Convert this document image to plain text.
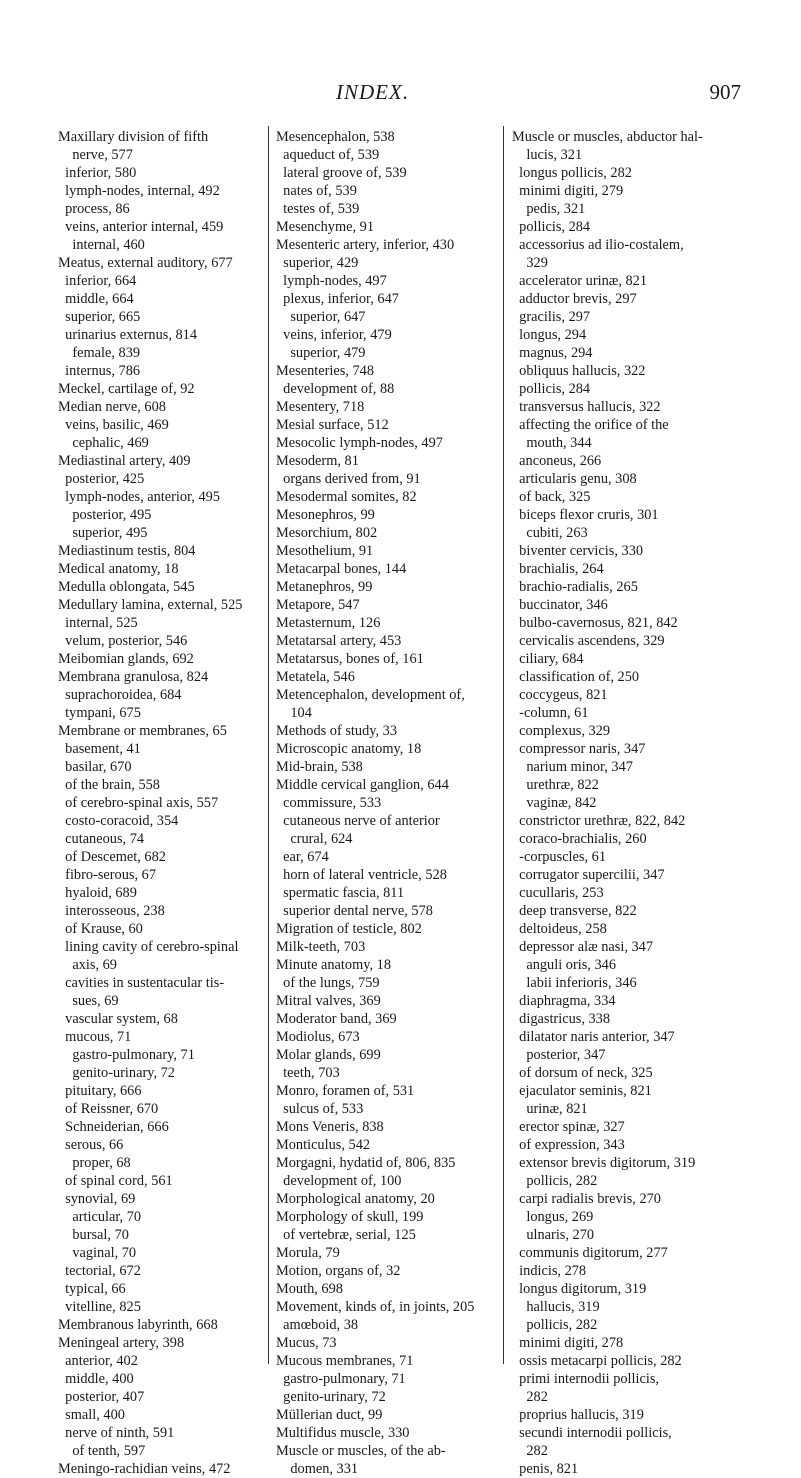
INDEX.	907
Maxillary division of fifth
nerve, 577
inferior, 580
lymph-nodes, internal, 492
process, 86
veins, anterior internal, 459
internal, 460
Meatus, external auditory, 677
inferior, 664
middle, 664
superior, 665
urinarius externus, 814
female, 839
internus, 786
Meckel, cartilage of, 92
Median nerve, 608
veins, basilic, 469
cephalic, 469
Mediastinal artery, 409
posterior, 425
lymph-nodes, anterior, 495
posterior, 495
superior, 495
Mediastinum testis, 804
Medical anatomy, 18
Medulla oblongata, 545
Medullary lamina, external, 525
internal, 525
velum, posterior, 546
Meibomian glands, 692
Membrana granulosa, 824
suprachoroidea, 684
tympani, 675
Membrane or membranes, 65
basement, 41
basilar, 670
of the brain, 558
of cerebro-spinal axis, 557
costo-coracoid, 354
cutaneous, 74
of Descemet, 682
fibro-serous, 67
hyaloid, 689
interosseous, 238
of Krause, 60
lining cavity of cerebro-spinal
axis, 69
cavities in sustentacular tis-
sues, 69
vascular system, 68
mucous, 71
gastro-pulmonary, 71
genito-urinary, 72
pituitary, 666
of Reissner, 670
Schneiderian, 666
serous, 66
proper, 68
of spinal cord, 561
synovial, 69
articular, 70
bursal, 70
vaginal, 70
tectorial, 672
typical, 66
vitelline, 825
Membranous labyrinth, 668
Meningeal artery, 398
anterior, 402
middle, 400
posterior, 407
small, 400
nerve of ninth, 591
of tenth, 597
Meningo-rachidian veins, 472
Mesencephalon, 538
aqueduct of, 539
lateral groove of, 539
nates of, 539
testes of, 539
Mesenchyme, 91
Mesenteric artery, inferior, 430
superior, 429
lymph-nodes, 497
plexus, inferior, 647
superior, 647
veins, inferior, 479
superior, 479
Mesenteries, 748
development of, 88
Mesentery, 718
Mesial surface, 512
Mesocolic lymph-nodes, 497
Mesoderm, 81
organs derived from, 91
Mesodermal somites, 82
Mesonephros, 99
Mesorchium, 802
Mesothelium, 91
Metacarpal bones, 144
Metanephros, 99
Metapore, 547
Metasternum, 126
Metatarsal artery, 453
Metatarsus, bones of, 161
Metatela, 546
Metencephalon, development of,
104
Methods of study, 33
Microscopic anatomy, 18
Mid-brain, 538
Middle cervical ganglion, 644
commissure, 533
cutaneous nerve of anterior
crural, 624
ear, 674
horn of lateral ventricle, 528
spermatic fascia, 811
superior dental nerve, 578
Migration of testicle, 802
Milk-teeth, 703
Minute anatomy, 18
of the lungs, 759
Mitral valves, 369
Moderator band, 369
Modiolus, 673
Molar glands, 699
teeth, 703
Monro, foramen of, 531
sulcus of, 533
Mons Veneris, 838
Monticulus, 542
Morgagni, hydatid of, 806, 835
development of, 100
Morphological anatomy, 20
Morphology of skull, 199
of vertebræ, serial, 125
Morula, 79
Motion, organs of, 32
Mouth, 698
Movement, kinds of, in joints, 205
amœboid, 38
Mucus, 73
Mucous membranes, 71
gastro-pulmonary, 71
genito-urinary, 72
Müllerian duct, 99
Multifidus muscle, 330
Muscle or muscles, of the ab-
domen, 331
Muscle or muscles, abductor hal-
lucis, 321
longus pollicis, 282
minimi digiti, 279
pedis, 321
pollicis, 284
accessorius ad ilio-costalem,
329
accelerator urinæ, 821
adductor brevis, 297
gracilis, 297
longus, 294
magnus, 294
obliquus hallucis, 322
pollicis, 284
transversus hallucis, 322
affecting the orifice of the
mouth, 344
anconeus, 266
articularis genu, 308
of back, 325
biceps flexor cruris, 301
cubiti, 263
biventer cervicis, 330
brachialis, 264
brachio-radialis, 265
buccinator, 346
bulbo-cavernosus, 821, 842
cervicalis ascendens, 329
ciliary, 684
classification of, 250
coccygeus, 821
-column, 61
complexus, 329
compressor naris, 347
narium minor, 347
urethræ, 822
vaginæ, 842
constrictor urethræ, 822, 842
coraco-brachialis, 260
-corpuscles, 61
corrugator supercilii, 347
cucullaris, 253
deep transverse, 822
deltoideus, 258
depressor alæ nasi, 347
anguli oris, 346
labii inferioris, 346
diaphragma, 334
digastricus, 338
dilatator naris anterior, 347
posterior, 347
of dorsum of neck, 325
ejaculator seminis, 821
urinæ, 821
erector spinæ, 327
of expression, 343
extensor brevis digitorum, 319
pollicis, 282
carpi radialis brevis, 270
longus, 269
ulnaris, 270
communis digitorum, 277
indicis, 278
longus digitorum, 319
hallucis, 319
pollicis, 282
minimi digiti, 278
ossis metacarpi pollicis, 282
primi internodii pollicis,
282
proprius hallucis, 319
secundi internodii pollicis,
282
penis, 821
